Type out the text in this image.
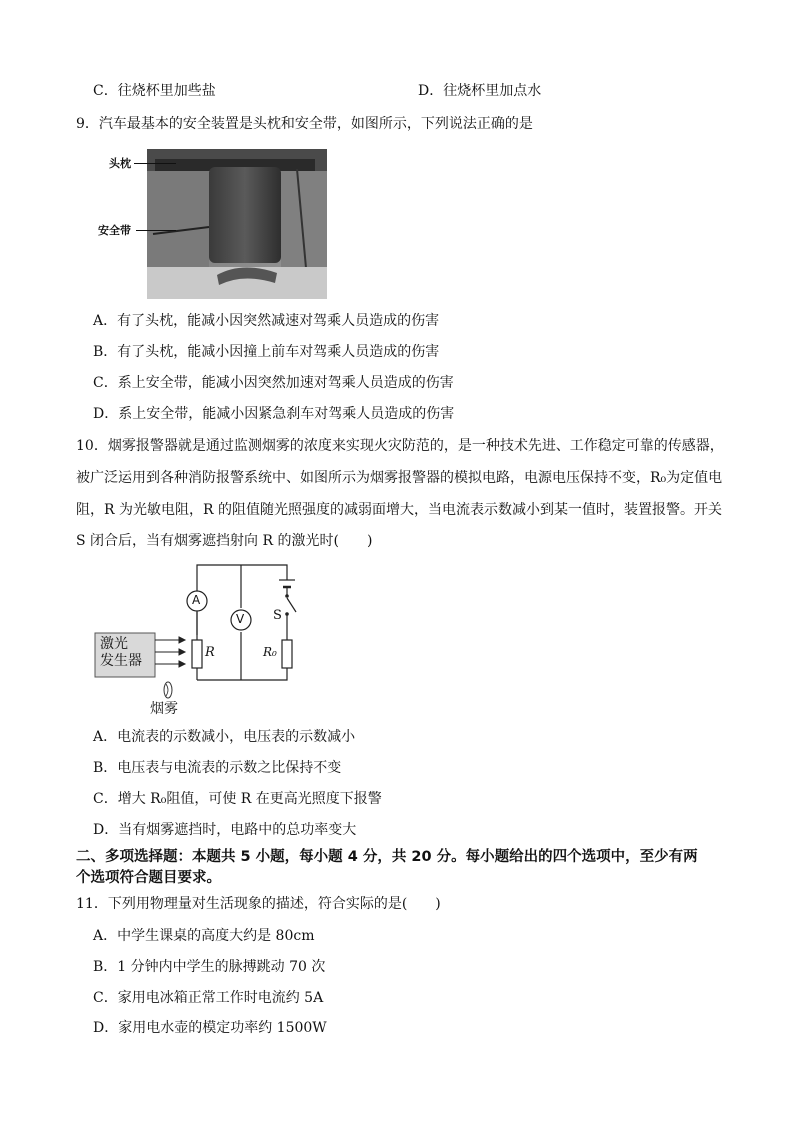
C．往烧杯里加些盐	D．往烧杯里加点水
9．汽车最基本的安全装置是头枕和安全带，如图所示，下列说法正确的是
头枕
安全带
A．有了头枕，能减小因突然减速对驾乘人员造成的伤害
B．有了头枕，能减小因撞上前车对驾乘人员造成的伤害
C．系上安全带，能减小因突然加速对驾乘人员造成的伤害
D．系上安全带，能减小因紧急刹车对驾乘人员造成的伤害
10．烟雾报警器就是通过监测烟雾的浓度来实现火灾防范的，是一种技术先进、工作稳定可靠的传感器，
被广泛运用到各种消防报警系统中、如图所示为烟雾报警器的模拟电路，电源电压保持不变，R₀为定值电
阻，R 为光敏电阻，R 的阻值随光照强度的减弱面增大，当电流表示数减小到某一值时，装置报警。开关
S 闭合后，当有烟雾遮挡射向 R 的激光时(　　)
激光
发生器
A
V S
R	R₀
烟雾
A．电流表的示数减小，电压表的示数减小
B．电压表与电流表的示数之比保持不变
C．增大 R₀阻值，可使 R 在更高光照度下报警
D．当有烟雾遮挡时，电路中的总功率变大
二、多项选择题：本题共 5 小题，每小题 4 分，共 20 分。每小题给出的四个选项中，至少有两
个选项符合题目要求。
11．下列用物理量对生活现象的描述，符合实际的是(　　)
A．中学生课桌的高度大约是 80cm
B．1 分钟内中学生的脉搏跳动 70 次
C．家用电冰箱正常工作时电流约 5A
D．家用电水壶的模定功率约 1500W
